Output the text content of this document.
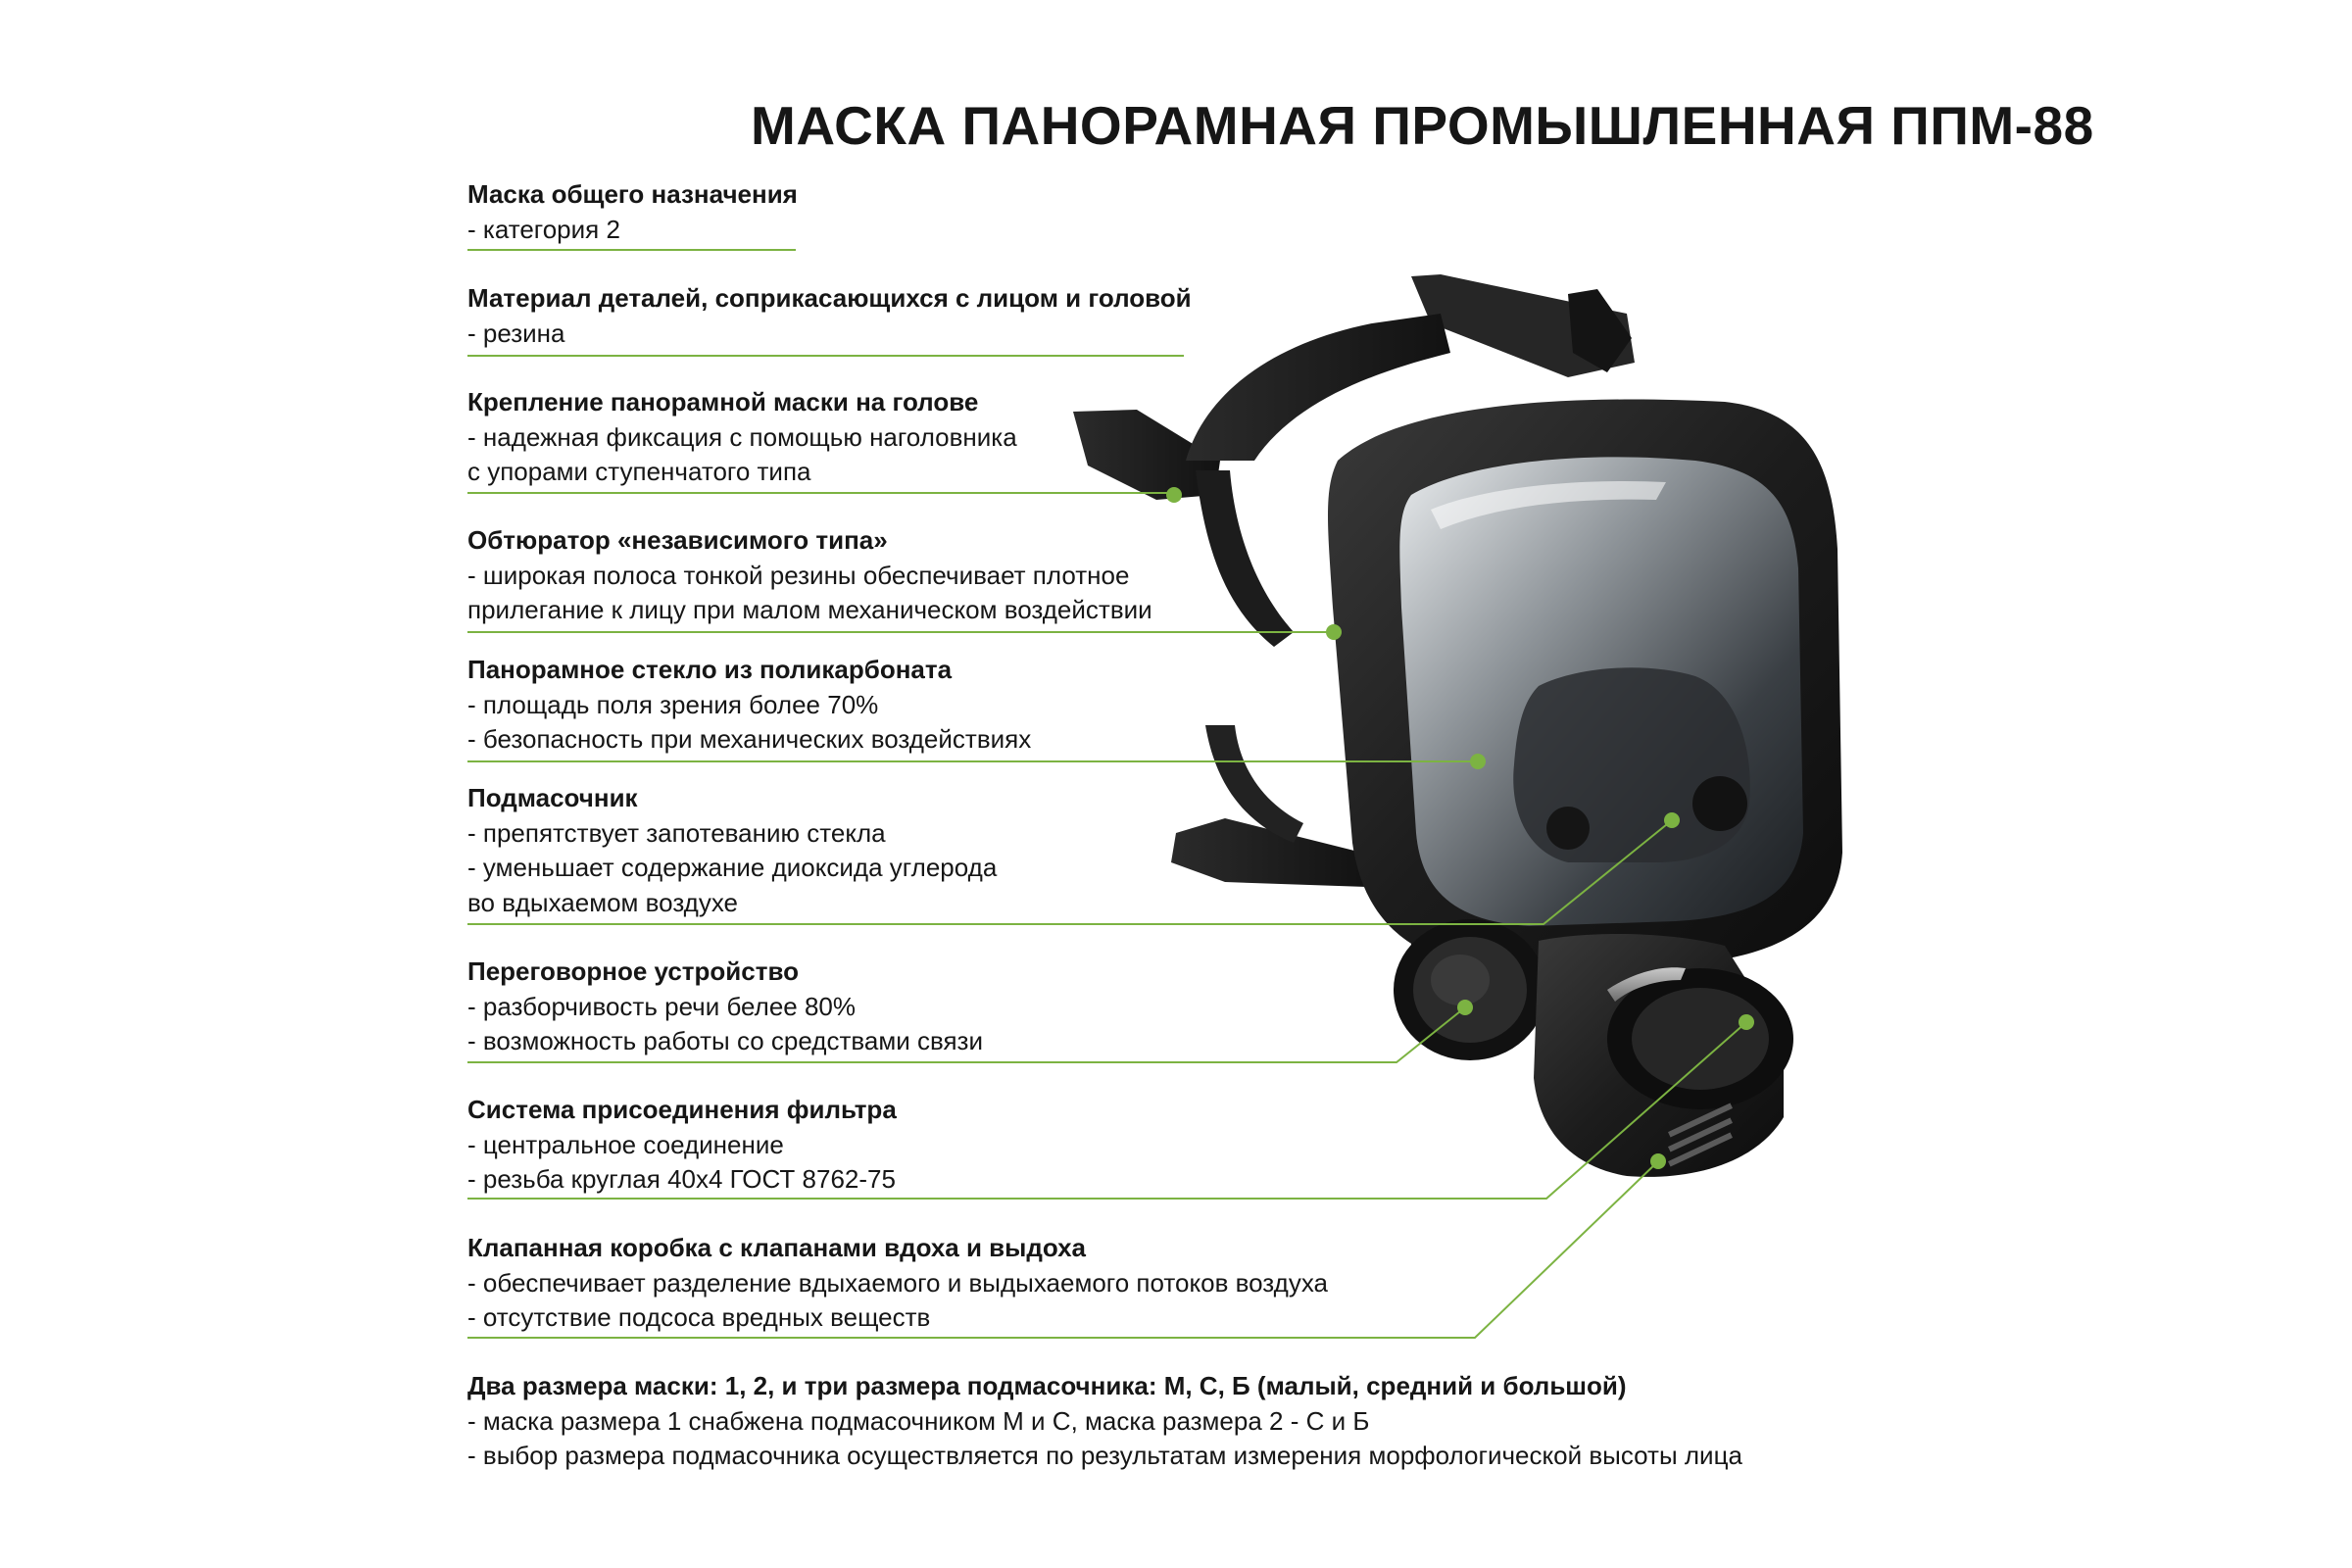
МАСКА ПАНОРАМНАЯ ПРОМЫШЛЕННАЯ ППМ-88
Маска общего назначения
- категория 2
Материал деталей, соприкасающихся с лицом и головой
- резина
Крепление панорамной маски на голове
- надежная фиксация с помощью наголовника
с упорами ступенчатого типа
Обтюратор «независимого типа»
- широкая полоса тонкой резины обеспечивает плотное
прилегание к лицу при малом механическом воздействии
Панорамное стекло из поликарбоната
- площадь поля зрения более 70%
- безопасность при механических воздействиях
Подмасочник
- препятствует запотеванию стекла
- уменьшает содержание диоксида углерода
во вдыхаемом воздухе
Переговорное устройство
- разборчивость речи белее 80%
- возможность работы со средствами связи
Система присоединения фильтра
- центральное соединение
- резьба круглая 40х4 ГОСТ 8762-75
Клапанная коробка с клапанами вдоха и выдоха
- обеспечивает разделение вдыхаемого и выдыхаемого потоков воздуха
- отсутствие подсоса вредных веществ
Два размера маски: 1, 2, и три размера подмасочника: М, С, Б (малый, средний и большой)
- маска размера 1 снабжена подмасочником М и С, маска размера 2 - С и Б
- выбор размера подмасочника осуществляется по результатам измерения морфологической высоты лица
